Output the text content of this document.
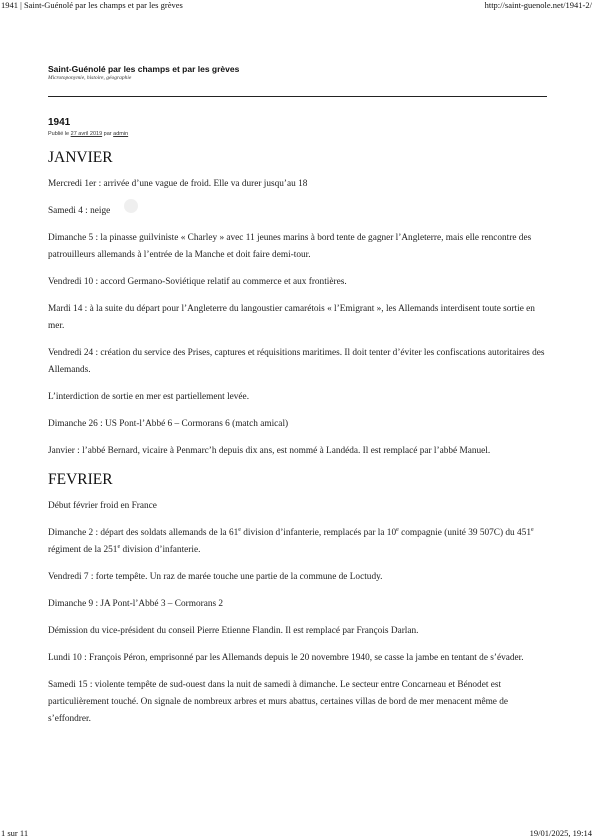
1941 | Saint-Guénolé par les champs et par les grèves	http://saint-guenole.net/1941-2/
Saint-Guénolé par les champs et par les grèves
Microtoponymie, histoire, géographie
1941
Publié le 27 avril 2019 par admin
JANVIER

Mercredi 1er : arrivée d’une vague de froid. Elle va durer jusqu’au 18

Samedi 4 : neige

Dimanche 5 : la pinasse guilviniste « Charley » avec 11 jeunes marins à bord tente de gagner l’Angleterre, mais elle rencontre des patrouilleurs allemands à l’entrée de la Manche et doit faire demi-tour.

Vendredi 10 : accord Germano-Soviétique relatif au commerce et aux frontières.

Mardi 14 : à la suite du départ pour l’Angleterre du langoustier camarétois « l’Emigrant », les Allemands interdisent toute sortie en mer.

Vendredi 24 : création du service des Prises, captures et réquisitions maritimes. Il doit tenter d’éviter les confiscations autoritaires des Allemands.

L’interdiction de sortie en mer est partiellement levée.

Dimanche 26 : US Pont-l’Abbé 6 – Cormorans 6 (match amical)

Janvier : l’abbé Bernard, vicaire à Penmarc’h depuis dix ans, est nommé à Landéda. Il est remplacé par l’abbé Manuel.

FEVRIER

Début février froid en France

Dimanche 2 : départ des soldats allemands de la 61e division d’infanterie, remplacés par la 10e compagnie (unité 39 507C) du 451e régiment de la 251e division d’infanterie.

Vendredi 7 : forte tempête. Un raz de marée touche une partie de la commune de Loctudy.

Dimanche 9 : JA Pont-l’Abbé 3 – Cormorans 2

Démission du vice-président du conseil Pierre Etienne Flandin. Il est remplacé par François Darlan.

Lundi 10 : François Péron, emprisonné par les Allemands depuis le 20 novembre 1940, se casse la jambe en tentant de s’évader.

Samedi 15 : violente tempête de sud-ouest dans la nuit de samedi à dimanche. Le secteur entre Concarneau et Bénodet est particulièrement touché. On signale de nombreux arbres et murs abattus, certaines villas de bord de mer menacent même de s’effondrer.

1 sur 11	19/01/2025, 19:14
